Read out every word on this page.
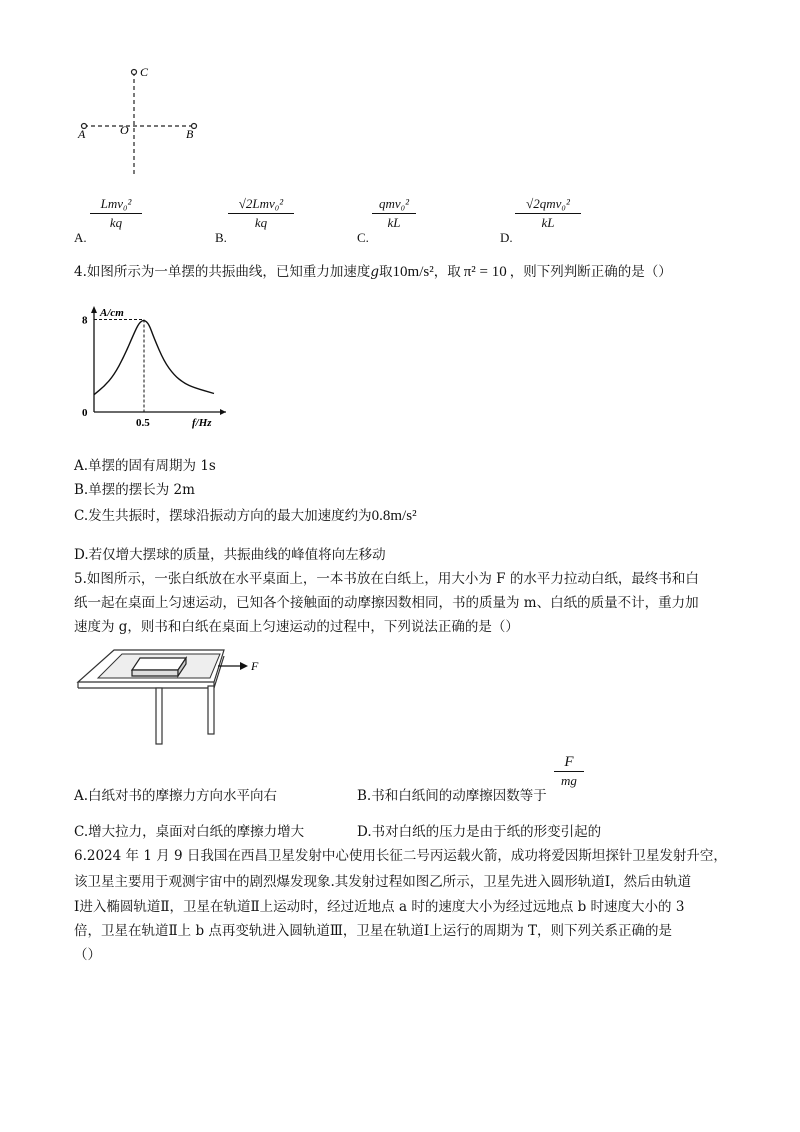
A	O	B
C
A.
Lmv₀²
kq
B.
√2Lmv₀²
kq
C.
qmv₀²
kL
D.
√2qmv₀²
kL
4.如图所示为一单摆的共振曲线，已知重力加速度g取10m/s²，取 π² = 10 ，则下列判断正确的是（）
A/cm
f/Hz
0
8
0.5
A.单摆的固有周期为 1s
B.单摆的摆长为 2m
C.发生共振时，摆球沿振动方向的最大加速度约为0.8m/s²
D.若仅增大摆球的质量，共振曲线的峰值将向左移动
5.如图所示，一张白纸放在水平桌面上，一本书放在白纸上，用大小为 F 的水平力拉动白纸，最终书和白
纸一起在桌面上匀速运动，已知各个接触面的动摩擦因数相同，书的质量为 m、白纸的质量不计，重力加
速度为 g，则书和白纸在桌面上匀速运动的过程中，下列说法正确的是（）
F
A.白纸对书的摩擦力方向水平向右	B.书和白纸间的动摩擦因数等于
F
mg
C.增大拉力，桌面对白纸的摩擦力增大	D.书对白纸的压力是由于纸的形变引起的
6.2024 年 1 月 9 日我国在西昌卫星发射中心使用长征二号丙运载火箭，成功将爱因斯坦探针卫星发射升空，
该卫星主要用于观测宇宙中的剧烈爆发现象.其发射过程如图乙所示，卫星先进入圆形轨道Ⅰ，然后由轨道
Ⅰ进入椭圆轨道Ⅱ，卫星在轨道Ⅱ上运动时，经过近地点 a 时的速度大小为经过远地点 b 时速度大小的 3
倍，卫星在轨道Ⅱ上 b 点再变轨进入圆轨道Ⅲ，卫星在轨道Ⅰ上运行的周期为 T，则下列关系正确的是
（）
